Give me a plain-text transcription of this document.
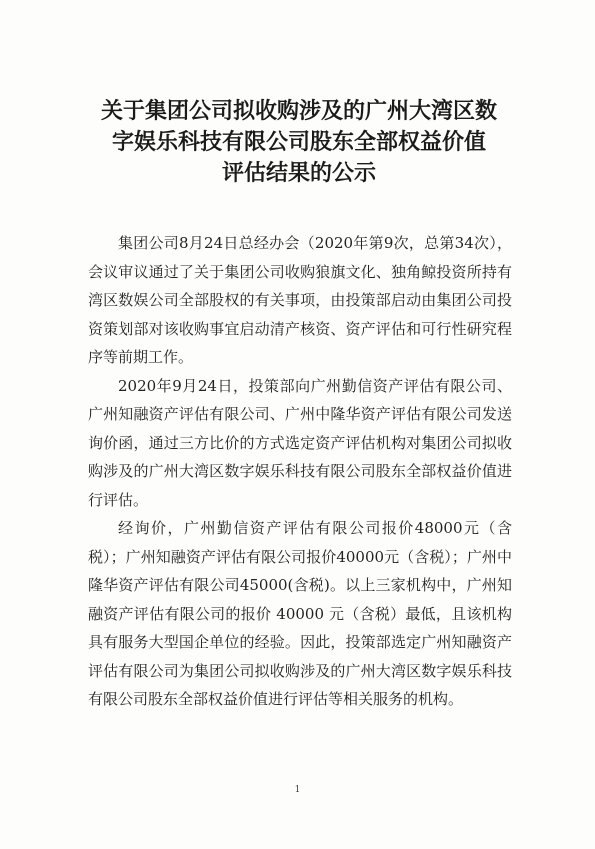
关于集团公司拟收购涉及的广州大湾区数
字娱乐科技有限公司股东全部权益价值
评估结果的公示

集团公司8月24日总经办会（2020年第9次，总第34次），会议审议通过了关于集团公司收购狼旗文化、独角鲸投资所持有湾区数娱公司全部股权的有关事项，由投策部启动由集团公司投资策划部对该收购事宜启动清产核资、资产评估和可行性研究程序等前期工作。

2020年9月24日，投策部向广州勤信资产评估有限公司、广州知融资产评估有限公司、广州中隆华资产评估有限公司发送询价函，通过三方比价的方式选定资产评估机构对集团公司拟收购涉及的广州大湾区数字娱乐科技有限公司股东全部权益价值进行评估。

经询价，广州勤信资产评估有限公司报价48000元（含税）；广州知融资产评估有限公司报价40000元（含税）；广州中隆华资产评估有限公司45000(含税)。以上三家机构中，广州知融资产评估有限公司的报价 40000 元（含税）最低，且该机构具有服务大型国企单位的经验。因此，投策部选定广州知融资产评估有限公司为集团公司拟收购涉及的广州大湾区数字娱乐科技有限公司股东全部权益价值进行评估等相关服务的机构。

1
